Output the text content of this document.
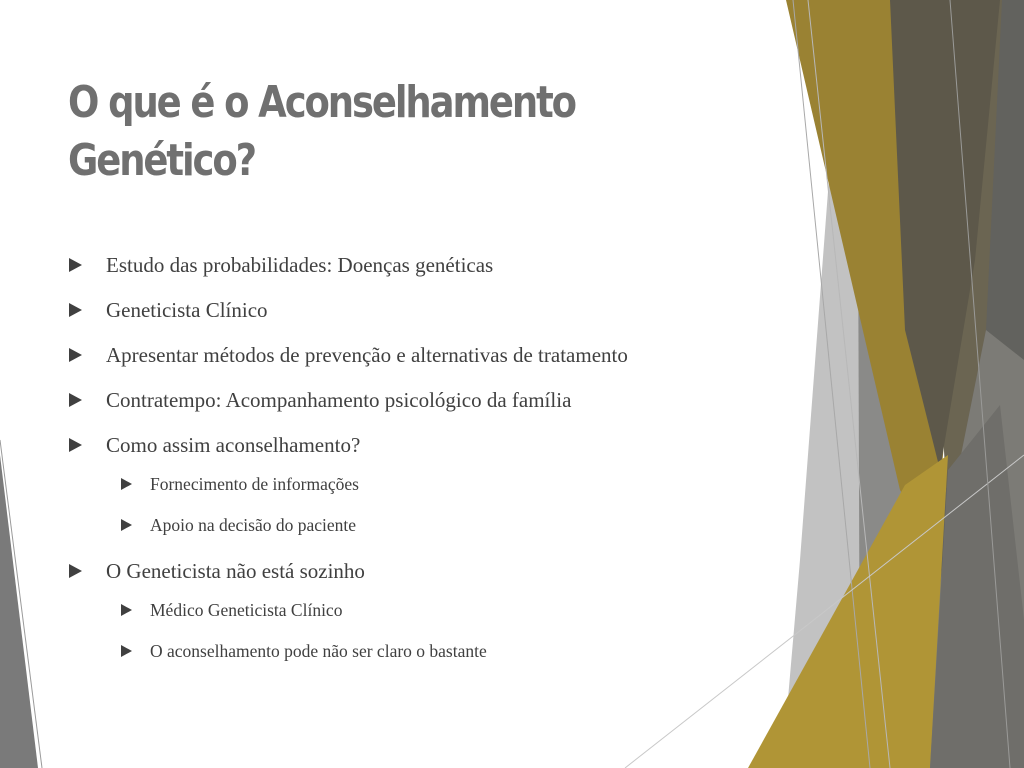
O que é o Aconselhamento Genético?
Estudo das probabilidades: Doenças genéticas
Geneticista Clínico
Apresentar métodos de prevenção e alternativas de tratamento
Contratempo: Acompanhamento psicológico da família
Como assim aconselhamento?
Fornecimento de informações
Apoio na decisão do paciente
O Geneticista não está sozinho
Médico Geneticista Clínico
O aconselhamento pode não ser claro o bastante
